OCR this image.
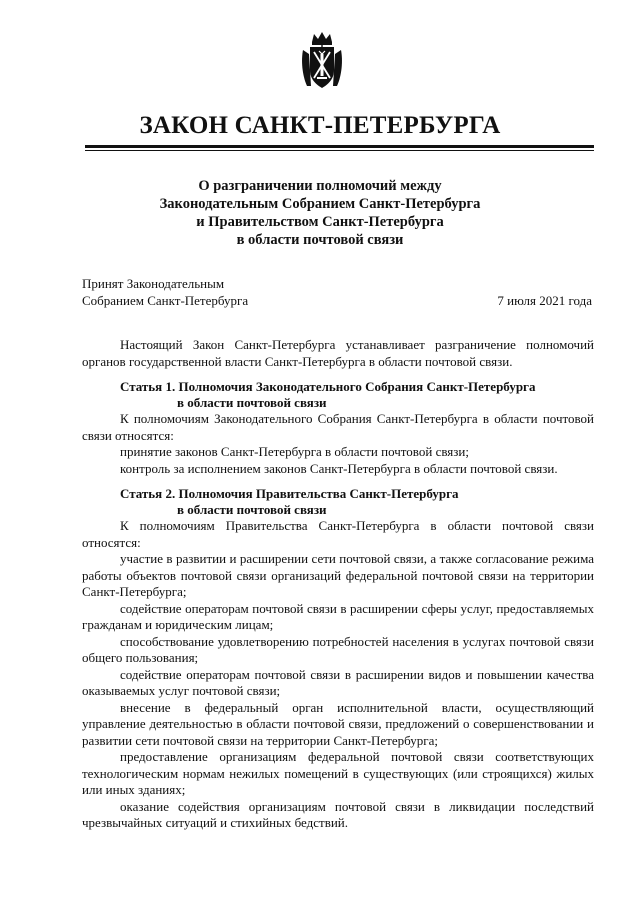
ЗАКОН САНКТ-ПЕТЕРБУРГА
О разграничении полномочий между
Законодательным Собранием Санкт-Петербурга
и Правительством Санкт-Петербурга
в области почтовой связи
Принят Законодательным
Собранием Санкт-Петербурга	7 июля 2021 года

Настоящий Закон Санкт-Петербурга устанавливает разграничение полномочий органов государственной власти Санкт-Петербурга в области почтовой связи.

Статья 1. Полномочия Законодательного Собрания Санкт-Петербурга
в области почтовой связи

К полномочиям Законодательного Собрания Санкт-Петербурга в области почтовой связи относятся:

принятие законов Санкт-Петербурга в области почтовой связи;

контроль за исполнением законов Санкт-Петербурга в области почтовой связи.

Статья 2. Полномочия Правительства Санкт-Петербурга
в области почтовой связи

К полномочиям Правительства Санкт-Петербурга в области почтовой связи относятся:

участие в развитии и расширении сети почтовой связи, а также согласование режима работы объектов почтовой связи организаций федеральной почтовой связи на территории Санкт-Петербурга;

содействие операторам почтовой связи в расширении сферы услуг, предоставляемых гражданам и юридическим лицам;

способствование удовлетворению потребностей населения в услугах почтовой связи общего пользования;

содействие операторам почтовой связи в расширении видов и повышении качества оказываемых услуг почтовой связи;

внесение в федеральный орган исполнительной власти, осуществляющий управление деятельностью в области почтовой связи, предложений о совершенствовании и развитии сети почтовой связи на территории Санкт-Петербурга;

предоставление организациям федеральной почтовой связи соответствующих технологическим нормам нежилых помещений в существующих (или строящихся) жилых или иных зданиях;

оказание содействия организациям почтовой связи в ликвидации последствий чрезвычайных ситуаций и стихийных бедствий.
